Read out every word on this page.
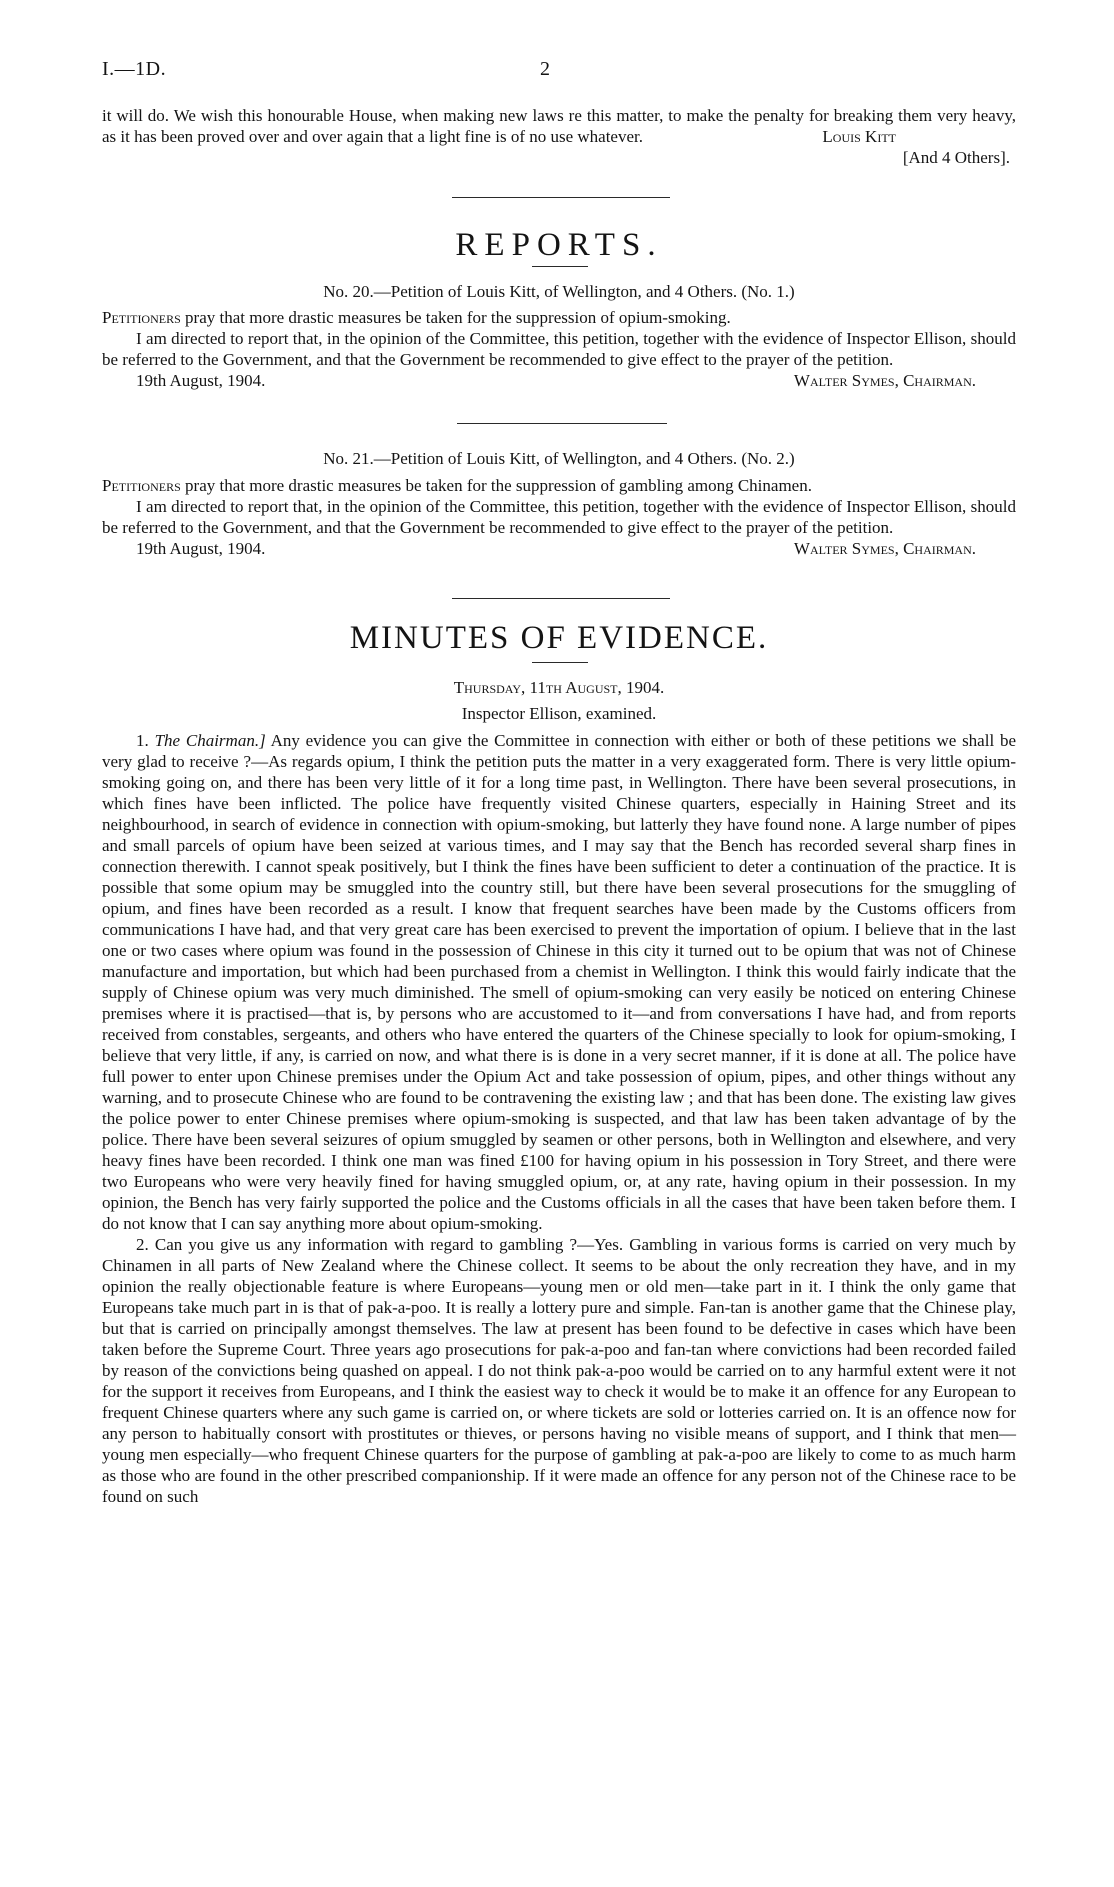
I.—1D.	2

it will do. We wish this honourable House, when making new laws re this matter, to make the penalty for breaking them very heavy, as it has been proved over and over again that a light fine is of no use whatever.	Louis Kitt

[And 4 Others].

REPORTS.
No. 20.—Petition of Louis Kitt, of Wellington, and 4 Others. (No. 1.)

Petitioners pray that more drastic measures be taken for the suppression of opium-smoking.

I am directed to report that, in the opinion of the Committee, this petition, together with the evidence of Inspector Ellison, should be referred to the Government, and that the Government be recommended to give effect to the prayer of the petition.

19th August, 1904.	Walter Symes, Chairman.
No. 21.—Petition of Louis Kitt, of Wellington, and 4 Others. (No. 2.)

Petitioners pray that more drastic measures be taken for the suppression of gambling among Chinamen.

I am directed to report that, in the opinion of the Committee, this petition, together with the evidence of Inspector Ellison, should be referred to the Government, and that the Government be recommended to give effect to the prayer of the petition.

19th August, 1904.	Walter Symes, Chairman.
MINUTES OF EVIDENCE.
Thursday, 11th August, 1904.
Inspector Ellison, examined.

1. The Chairman.] Any evidence you can give the Committee in connection with either or both of these petitions we shall be very glad to receive ?—As regards opium, I think the petition puts the matter in a very exaggerated form. There is very little opium-smoking going on, and there has been very little of it for a long time past, in Wellington. There have been several prosecutions, in which fines have been inflicted. The police have frequently visited Chinese quarters, especially in Haining Street and its neighbourhood, in search of evidence in connection with opium-smoking, but latterly they have found none. A large number of pipes and small parcels of opium have been seized at various times, and I may say that the Bench has recorded several sharp fines in connection therewith. I cannot speak positively, but I think the fines have been sufficient to deter a continuation of the practice. It is possible that some opium may be smuggled into the country still, but there have been several prosecutions for the smuggling of opium, and fines have been recorded as a result. I know that frequent searches have been made by the Customs officers from communications I have had, and that very great care has been exercised to prevent the importation of opium. I believe that in the last one or two cases where opium was found in the possession of Chinese in this city it turned out to be opium that was not of Chinese manufacture and importation, but which had been purchased from a chemist in Wellington. I think this would fairly indicate that the supply of Chinese opium was very much diminished. The smell of opium-smoking can very easily be noticed on entering Chinese premises where it is practised—that is, by persons who are accustomed to it—and from conversations I have had, and from reports received from constables, sergeants, and others who have entered the quarters of the Chinese specially to look for opium-smoking, I believe that very little, if any, is carried on now, and what there is is done in a very secret manner, if it is done at all. The police have full power to enter upon Chinese premises under the Opium Act and take possession of opium, pipes, and other things without any warning, and to prosecute Chinese who are found to be contravening the existing law ; and that has been done. The existing law gives the police power to enter Chinese premises where opium-smoking is suspected, and that law has been taken advantage of by the police. There have been several seizures of opium smuggled by seamen or other persons, both in Wellington and elsewhere, and very heavy fines have been recorded. I think one man was fined £100 for having opium in his possession in Tory Street, and there were two Europeans who were very heavily fined for having smuggled opium, or, at any rate, having opium in their possession. In my opinion, the Bench has very fairly supported the police and the Customs officials in all the cases that have been taken before them. I do not know that I can say anything more about opium-smoking.

2. Can you give us any information with regard to gambling ?—Yes. Gambling in various forms is carried on very much by Chinamen in all parts of New Zealand where the Chinese collect. It seems to be about the only recreation they have, and in my opinion the really objectionable feature is where Europeans—young men or old men—take part in it. I think the only game that Europeans take much part in is that of pak-a-poo. It is really a lottery pure and simple. Fan-tan is another game that the Chinese play, but that is carried on principally amongst themselves. The law at present has been found to be defective in cases which have been taken before the Supreme Court. Three years ago prosecutions for pak-a-poo and fan-tan where convictions had been recorded failed by reason of the convictions being quashed on appeal. I do not think pak-a-poo would be carried on to any harmful extent were it not for the support it receives from Europeans, and I think the easiest way to check it would be to make it an offence for any European to frequent Chinese quarters where any such game is carried on, or where tickets are sold or lotteries carried on. It is an offence now for any person to habitually consort with prostitutes or thieves, or persons having no visible means of support, and I think that men—young men especially—who frequent Chinese quarters for the purpose of gambling at pak-a-poo are likely to come to as much harm as those who are found in the other prescribed companionship. If it were made an offence for any person not of the Chinese race to be found on such
